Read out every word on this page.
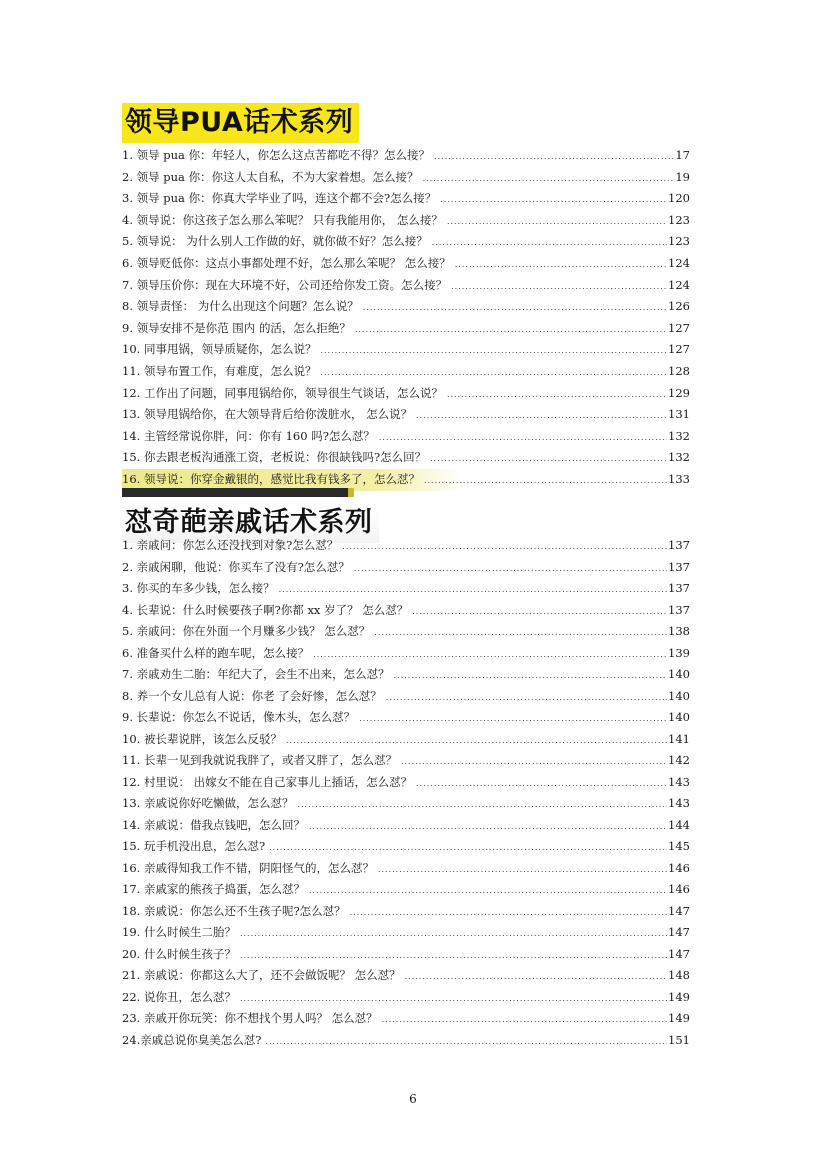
领导PUA话术系列
1. 领导 pua 你：年轻人，你怎么这点苦都吃不得？怎么接？ .....	17
2. 领导 pua 你：你这人太自私，不为大家着想。怎么接？ .....	19
3. 领导 pua 你：你真大学毕业了吗，连这个都不会?怎么接？ .....	120
4. 领导说：你这孩子怎么那么笨呢？ 只有我能用你， 怎么接？ .....	123
5. 领导说： 为什么别人工作做的好，就你做不好？怎么接？ .....	123
6. 领导贬低你：这点小事都处理不好，怎么那么笨呢？ 怎么接？ .....	124
7. 领导压价你：现在大环境不好，公司还给你发工资。怎么接？ .....	124
8. 领导责怪： 为什么出现这个问题？怎么说？ .....	126
9. 领导安排不是你范 围内 的活，怎么拒绝？ .....	127
10. 同事甩锅，领导质疑你，怎么说？ .....	127
11. 领导布置工作，有难度，怎么说？ .....	128
12. 工作出了问题，同事甩锅给你，领导很生气谈话，怎么说？ .....	129
13. 领导甩锅给你，在大领导背后给你泼脏水， 怎么说？ .....	131
14. 主管经常说你胖，问：你有 160 吗?怎么怼？ .....	132
15. 你去跟老板沟通涨工资，老板说：你很缺钱吗?怎么回？ .....	132
16. 领导说：你穿金戴银的，感觉比我有钱多了，怎么怼？ .....	133
怼奇葩亲戚话术系列
1. 亲戚问：你怎么还没找到对象?怎么怼？ .....	137
2. 亲戚闲聊，他说：你买车了没有?怎么怼？ .....	137
3. 你买的车多少钱，怎么接？ .....	137
4. 长辈说：什么时候要孩子啊?你都 xx 岁了？ 怎么怼？ .....	137
5. 亲戚问：你在外面一个月赚多少钱？ 怎么怼？ .....	138
6. 准备买什么样的跑车呢，怎么接？ .....	139
7. 亲戚劝生二胎：年纪大了，会生不出来，怎么怼？ .....	140
8. 养一个女儿总有人说：你老 了会好惨，怎么怼？ .....	140
9. 长辈说：你怎么不说话，像木头，怎么怼？ .....	140
10. 被长辈说胖，该怎么反驳？ .....	141
11. 长辈一见到我就说我胖了，或者又胖了，怎么怼？ .....	142
12. 村里说： 出嫁女不能在自己家事儿上插话，怎么怼？ .....	143
13. 亲戚说你好吃懒做，怎么怼？ .....	143
14. 亲戚说：借我点钱吧，怎么回？ .....	144
15. 玩手机没出息，怎么怼? .....	145
16. 亲戚得知我工作不错，阴阳怪气的，怎么怼？ .....	146
17. 亲戚家的熊孩子捣蛋，怎么怼？ .....	146
18. 亲戚说：你怎么还不生孩子呢?怎么怼？ .....	147
19. 什么时候生二胎？ .....	147
20. 什么时候生孩子？ .....	147
21. 亲戚说：你都这么大了，还不会做饭呢？ 怎么怼？ .....	148
22. 说你丑，怎么怼？ .....	149
23. 亲戚开你玩笑：你不想找个男人吗？ 怎么怼？ .....	149
24.亲戚总说你臭美怎么怼? .....	151
6
